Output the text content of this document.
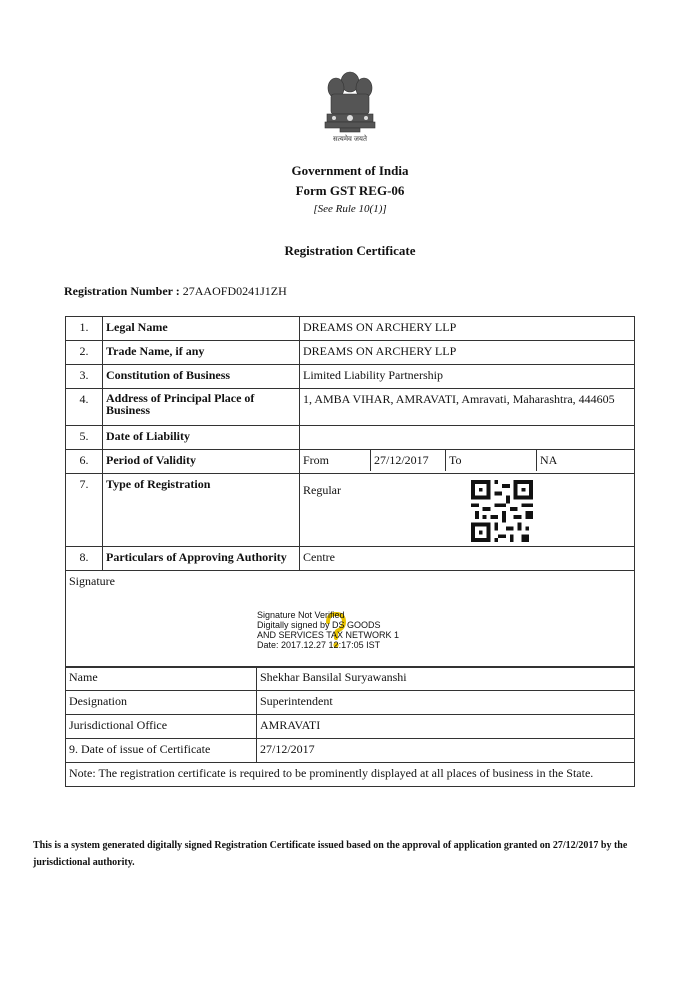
सत्यमेव जयते
Government of India
Form GST REG-06
[See Rule 10(1)]
Registration Certificate
Registration Number : 27AAOFD0241J1ZH
1.	Legal Name	DREAMS ON ARCHERY LLP
2.	Trade Name, if any	DREAMS ON ARCHERY LLP
3.	Constitution of Business	Limited Liability Partnership
4.	Address of Principal Place of Business	1, AMBA VIHAR, AMRAVATI, Amravati, Maharashtra, 444605
5.	Date of Liability	
6.	Period of Validity		From	27/12/2017	To	NA

7.	Type of Registration	Regular

8.	Particulars of Approving Authority	Centre
Signature
Name	Shekhar Bansilal Suryawanshi
Designation	Superintendent
Jurisdictional Office	AMRAVATI
9. Date of issue of Certificate	27/12/2017
Note: The registration certificate is required to be prominently displayed at all places of business in the State.	
Signature Not Verified
Digitally signed by DS GOODS
AND SERVICES TAX NETWORK 1
Date: 2017.12.27 12:17:05 IST
This is a system generated digitally signed Registration Certificate issued based on the approval of application granted on 27/12/2017 by the jurisdictional authority.
